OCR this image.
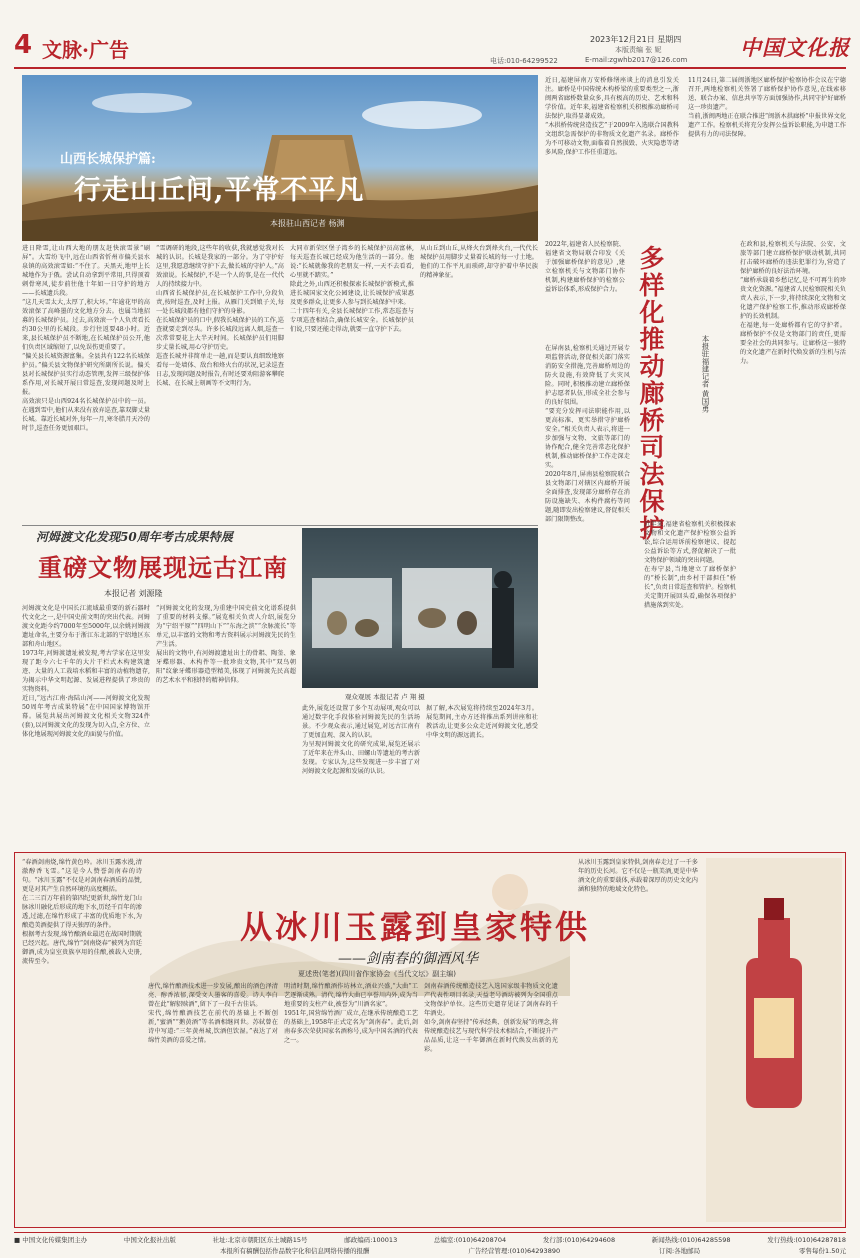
4 文脉·广告	2023年12月21日 星期四
本版责编 张 妮
电话:010-64299522	E-mail:zgwhb2017@126.com	中国文化报
山西长城保护篇:
行走山丘间,平常不平凡
本报驻山西记者 杨渊

进日降雪,让山西大地的朋友赶快滚雪景“刷屏”。大雪纷飞中,远在山西省忻州市偏关县水泉镇的高效滚雪如:“不住了。天黑天,地甲上长城地作为于俄。尝试自动拿到平常用,只得顶着刺骨寒风,徒步前往他十年如一日守护的地方——长城遗兵段。

“这几天雪太大,太厚了,积大坏。”年逾花甲的高效滚保了高峰墨的文化地方分去。也属当地招募的长城保护员。过去,高效滚一个人负责看长约30公里的长城段。步行往返要48小时。近来,县长城保护员不断地,在长城保护员公开,他们负责区域缩短了,以免误伤更重要了。

“偏关县长城资源富集。全县共有122名长城保护员。”偏关县文物保护研究所副所长说。偏关县对长城保护员实行动态管理,发挥三级保护体系作用,对长城开展日常巡查,发现问题及时上报。

高效滚只是山西924名长城保护员中的一员。在遇到雪中,他们从来没有放弃巡查,靠双脚丈量长城。靠近长城对外,每年一月,寒冬腊月天冷的时节,巡查任务更加艰巨。

“雪调研的地段,这些年的收获,我就感觉我对长城的认识。长城是我家的一部分。为了守护好这里,我愿意继续守护下去,做长城的守护人。”高效滚说。长城保护,不是一个人的事,是在一代代人的持续接力中。

山西省长城保护员,在长城保护工作中,分段负责,按时巡查,及时上报。从雁门关到娘子关,每一处长城段都有他们守护的身影。

在长城保护员的口中,假我长城保护员的工作,巡查就要走到尽头。许多长城段远离人烟,巡查一次常常要花上大半天时间。长城保护员们用脚步丈量长城,用心守护历史。

巡查长城并非简单走一趟,而是要认真细致地察看每一处墙体、敌台和烽火台的状况,记录巡查日志,发现问题及时报告,有时还要劝阻游客攀爬长城、在长城上刻画等不文明行为。

大同市新荣区堡子湾乡的长城保护员高富林,每天巡查长城已经成为他生活的一部分。他说:“长城就像我的老朋友一样,一天不去看看,心里就不踏实。”

除此之外,山西还积极探索长城保护新模式,推进长城国家文化公园建设,让长城保护成果惠及更多群众,让更多人参与到长城保护中来。

二十四年有关,全县长城保护工作,常态巡查与专项巡查相结合,确保长城安全。长城保护员们说,只要还能走得动,就要一直守护下去。

从山丘到山丘,从烽火台到烽火台,一代代长城保护员用脚步丈量着长城的每一寸土地。他们的工作平凡而琐碎,却守护着中华民族的精神象征。

河姆渡文化发现50周年考古成果特展
重磅文物展现远古江南
本报记者 刘源隆
观众观展 本报记者 卢 翔 摄

河姆渡文化是中国长江流域最重要的新石器时代文化之一,是中国史前文明的突出代表。河姆渡文化距今约7000年至5000年,以余姚河姆渡遗址命名,主要分布于浙江东北部的宁绍地区东部和舟山地区。

1973年,河姆渡遗址被发现,考古学家在这里发现了距今六七千年的大片干栏式木构建筑遗迹、大量的人工栽培水稻和丰富的动植物遗存,为揭示中华文明起源、发展进程提供了珍贵的实物资料。

近日,“远古江南·海陆山河——河姆渡文化发现50周年考古成果特展”在中国国家博物馆开幕。展览共展出河姆渡文化相关文物324件(套),以河姆渡文化的发现为切入点,全方位、立体化地展现河姆渡文化的面貌与价值。

“河姆渡文化的发现,为重建中国史前文化谱系提供了重要的材料支撑。”展览相关负责人介绍,展览分为“宁绍平原”“四明山下”“东海之滨”“余脉流长”等单元,以丰富的文物和考古资料展示河姆渡先民的生产生活。

展出的文物中,有河姆渡遗址出土的骨耜、陶釜、象牙蝶形器、木构件等一批珍贵文物,其中“双鸟朝阳”纹象牙蝶形器造型精美,体现了河姆渡先民高超的艺术水平和独特的精神信仰。

此外,展览还设置了多个互动展项,观众可以通过数字化手段体验河姆渡先民的生活场景。不少观众表示,通过展览,对远古江南有了更加直观、深入的认识。

为呈现河姆渡文化的研究成果,展览还展示了近年来在井头山、田螺山等遗址的考古新发现。专家认为,这些发现进一步丰富了对河姆渡文化起源和发展的认识。

据了解,本次展览将持续至2024年3月。展览期间,主办方还将推出系列讲座和社教活动,让更多公众走近河姆渡文化,感受中华文明的源远流长。

近日,福建屏南万安桥修缮座谈上的消息引发关注。廊桥是中国传统木构桥梁的重要类型之一,浙闽两省廊桥数量众多,具有极高的历史、艺术和科学价值。近年来,福建省检察机关积极推动廊桥司法保护,取得显著成效。

“木拱桥传统营造技艺”于2009年入选联合国教科文组织急需保护的非物质文化遗产名录。廊桥作为不可移动文物,面临着自然损毁、火灾隐患等诸多风险,保护工作任重道远。

11月24日,第二届闽浙地区廊桥保护检察协作会议在宁德召开,两地检察机关签署了廊桥保护协作意见,在线索移送、联合办案、信息共享等方面加强协作,共同守护好廊桥这一珍贵遗产。

当前,浙闽两地正在联合推进“闽浙木拱廊桥”申报世界文化遗产工作。检察机关将充分发挥公益诉讼职能,为申遗工作提供有力的司法保障。

2022年,福建省人民检察院、福建省文物局联合印发《关于加强廊桥保护的意见》,建立检察机关与文物部门协作机制,构建廊桥保护的检察公益诉讼体系,形成保护合力。 多样化推动廊桥司法保护	本报驻福建记者 黄国勇

在屏南县,检察机关通过开展专项监督活动,督促相关部门落实消防安全措施,完善廊桥周边的防火设施,有效降低了火灾风险。同时,积极推动建立廊桥保护志愿者队伍,形成全社会参与的良好氛围。

“要充分发挥司法职能作用,以更高标准、更实举措守护廊桥安全。”相关负责人表示,将进一步加强与文物、文旅等部门的协作配合,健全完善常态化保护机制,推动廊桥保护工作走深走实。

2020年8月,屏南县检察院联合县文物部门对辖区内廊桥开展全面排查,发现部分廊桥存在消防设施缺失、木构件腐朽等问题,随即发出检察建议,督促相关部门限期整改。

近年来,福建省检察机关积极探索文物和文化遗产保护检察公益诉讼,综合运用诉前检察建议、提起公益诉讼等方式,督促解决了一批文物保护领域的突出问题。

在寿宁县,当地建立了廊桥保护的“桥长制”,由乡村干部担任“桥长”,负责日常巡查和管护。检察机关定期开展回头看,确保各项保护措施落到实处。

在政和县,检察机关与法院、公安、文旅等部门建立廊桥保护联动机制,共同打击破坏廊桥的违法犯罪行为,营造了保护廊桥的良好法治环境。

“廊桥承载着乡愁记忆,是不可再生的珍贵文化资源。”福建省人民检察院相关负责人表示,下一步,将持续深化文物和文化遗产保护检察工作,推动形成廊桥保护的长效机制。

在福建,每一处廊桥都有它的守护者。廊桥保护不仅是文物部门的责任,更需要全社会的共同参与。让廊桥这一独特的文化遗产在新时代焕发新的生机与活力。

从冰川玉露到皇家特供
——剑南春的御酒风华
夏述贵(笔者)(四川省作家协会《当代文坛》副主编)

“春酒剑南烧,绵竹黄色吟。冰川玉露水漫,清澈醇香飞雪。”这是今人赞誉剑南春的诗句。“冰川玉露”不仅是对剑南春酒质的品赞,更是对其产生自然环境的高度概括。

在二三百万年前的第四纪更新世,绵竹龙门山脉冰川融化后形成的地下水,历经千百年的渗透,过滤,在绵竹形成了丰富的优质地下水,为酿造美酒提供了得天独厚的条件。

根据考古发现,绵竹酿酒业最迟在战国时期就已经兴起。唐代,绵竹“剑南烧春”被列为宫廷御酒,成为皇室贵族享用的佳酿,被载入史册,流传至今。

唐代,绵竹酿酒技术进一步发展,酿出的酒色泽清亮、醇香浓郁,深受文人墨客的喜爱。诗人李白曾在此“解貂赎酒”,留下了一段千古佳话。

宋代,绵竹酿酒技艺在前代的基础上不断创新,“蜜酒”“鹅黄酒”等名酒相继问世。苏轼曾在诗中写道:“三年黄州城,饮酒但饮湿。”表达了对绵竹美酒的喜爱之情。

明清时期,绵竹酿酒作坊林立,酒业兴盛,“大曲”工艺逐渐成熟。清代,绵竹大曲已享誉川内外,成为当地重要的支柱产业,被誉为“川酒名家”。

1951年,国营绵竹酒厂成立,在继承传统酿造工艺的基础上,1958年正式定名为“剑南春”。此后,剑南春多次荣获国家名酒称号,成为中国名酒的代表之一。

剑南春酒传统酿造技艺入选国家级非物质文化遗产代表性项目名录,天益老号酒坊被列为全国重点文物保护单位。这些历史遗存见证了剑南春的千年酒史。

如今,剑南春坚持“传承经典、创新发展”的理念,将传统酿造技艺与现代科学技术相结合,不断提升产品品质,让这一千年御酒在新时代焕发出新的光彩。

从冰川玉露到皇家特供,剑南春走过了一千多年的历史长河。它不仅是一瓶美酒,更是中华酒文化的重要载体,承载着深厚的历史文化内涵和独特的地域文化特色。

■ 中国文化传媒集团主办	中国文化报社出版	社址:北京市朝阳区东土城路15号	邮政编码:100013	总编室:(010)64208704	发行部:(010)64294608	新闻热线:(010)64285598	发行热线:(010)64287818
本报所有稿酬包括作品数字化和信息网络传播的报酬	广告经营管理:(010)64293890	订阅:各地邮局	零售每份1.50元
